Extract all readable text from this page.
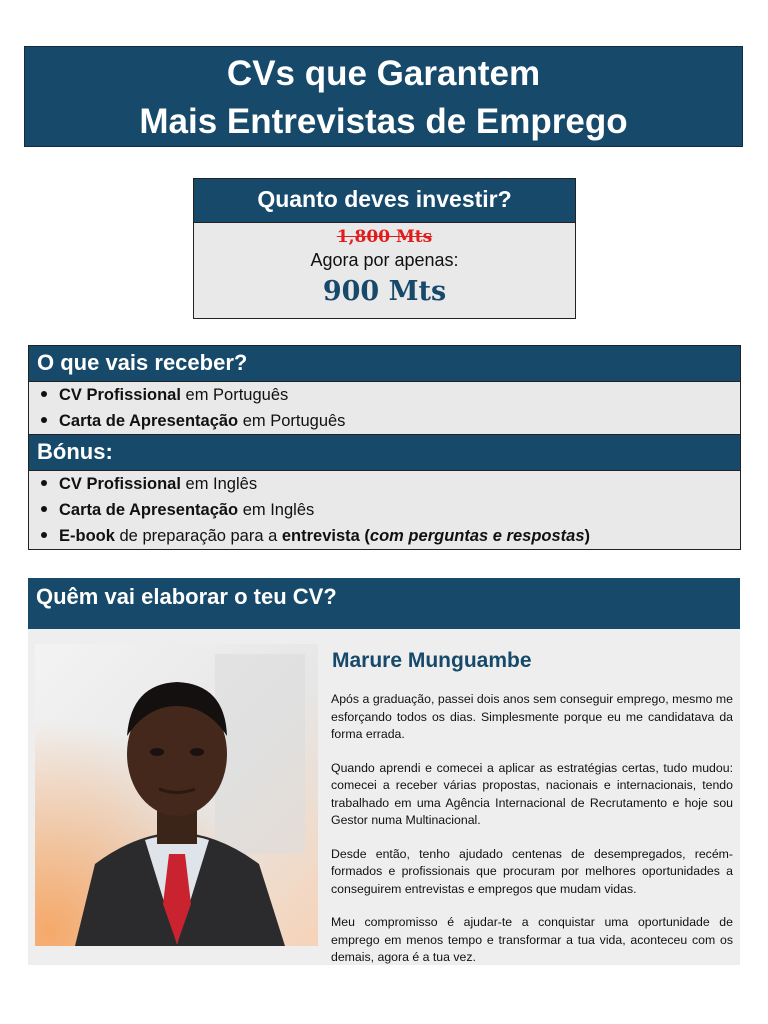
CVs que Garantem
Mais Entrevistas de Emprego
Quanto deves investir?
1,800 Mts
Agora por apenas:
900 Mts
O que vais receber?
CV Profissional em Português
Carta de Apresentação em Português
Bónus:
CV Profissional em Inglês
Carta de Apresentação em Inglês
E-book de preparação para a entrevista (com perguntas e respostas)
Quêm vai elaborar o teu CV?
Marure Munguambe

Após a graduação, passei dois anos sem conseguir emprego, mesmo me esforçando todos os dias. Simplesmente porque eu me candidatava da forma errada.

Quando aprendi e comecei a aplicar as estratégias certas, tudo mudou: comecei a receber várias propostas, nacionais e internacionais, tendo trabalhado em uma Agência Internacional de Recrutamento e hoje sou Gestor numa Multinacional.

Desde então, tenho ajudado centenas de desempregados, recém-formados e profissionais que procuram por melhores oportunidades a conseguirem entrevistas e empregos que mudam vidas.

Meu compromisso é ajudar-te a conquistar uma oportunidade de emprego em menos tempo e transformar a tua vida, aconteceu com os demais, agora é a tua vez.
